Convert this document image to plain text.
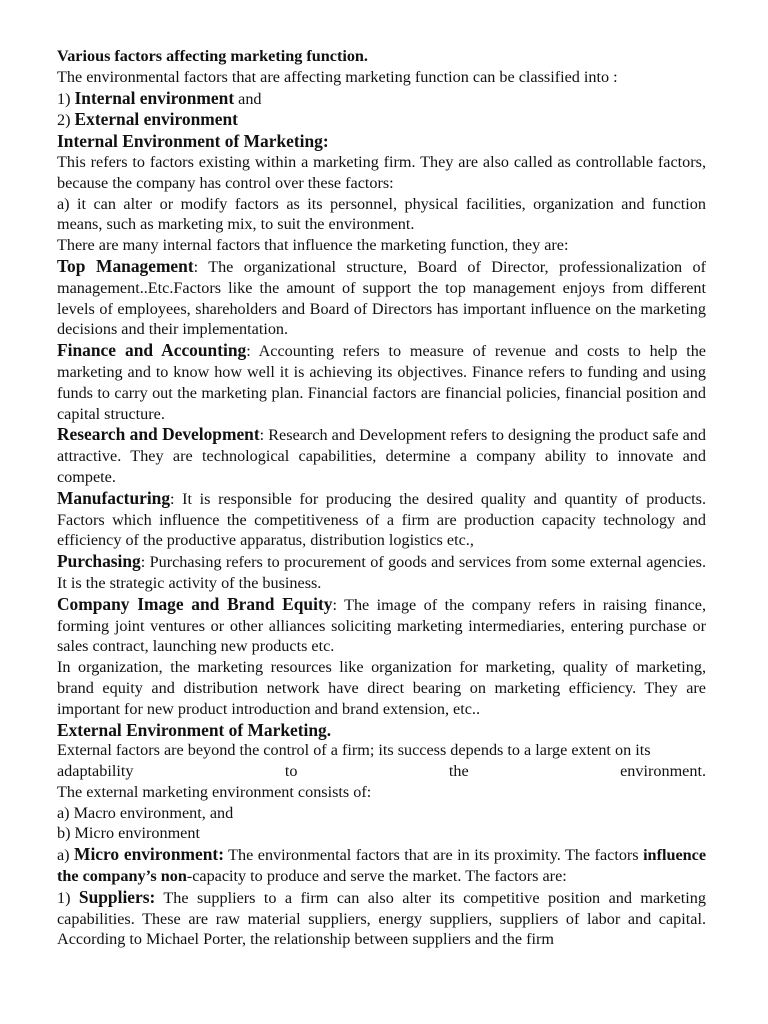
Various factors affecting marketing function.

The environmental factors that are affecting marketing function can be classified into :

1) Internal environment and

2) External environment

Internal Environment of Marketing:

This refers to factors existing within a marketing firm. They are also called as controllable factors, because the company has control over these factors:

a) it can alter or modify factors as its personnel, physical facilities, organization and function means, such as marketing mix, to suit the environment.

There are many internal factors that influence the marketing function, they are:

Top Management: The organizational structure, Board of Director, professionalization of management..Etc.Factors like the amount of support the top management enjoys from different levels of employees, shareholders and Board of Directors has important influence on the marketing decisions and their implementation.

Finance and Accounting: Accounting refers to measure of revenue and costs to help the marketing and to know how well it is achieving its objectives. Finance refers to funding and using funds to carry out the marketing plan. Financial factors are financial policies, financial position and capital structure.

Research and Development: Research and Development refers to designing the product safe and attractive. They are technological capabilities, determine a company ability to innovate and compete.

Manufacturing: It is responsible for producing the desired quality and quantity of products. Factors which influence the competitiveness of a firm are production capacity technology and efficiency of the productive apparatus, distribution logistics etc.,

Purchasing: Purchasing refers to procurement of goods and services from some external agencies. It is the strategic activity of the business.

Company Image and Brand Equity: The image of the company refers in raising finance, forming joint ventures or other alliances soliciting marketing intermediaries, entering purchase or sales contract, launching new products etc.

In organization, the marketing resources like organization for marketing, quality of marketing, brand equity and distribution network have direct bearing on marketing efficiency. They are important for new product introduction and brand extension, etc..

External Environment of Marketing.

External factors are beyond the control of a firm; its success depends to a large extent on its

adaptability to the environment.

The external marketing environment consists of:

a) Macro environment, and

b) Micro environment

a) Micro environment: The environmental factors that are in its proximity. The factors influence the company’s non-capacity to produce and serve the market. The factors are:

1) Suppliers: The suppliers to a firm can also alter its competitive position and marketing capabilities. These are raw material suppliers, energy suppliers, suppliers of labor and capital. According to Michael Porter, the relationship between suppliers and the firm
